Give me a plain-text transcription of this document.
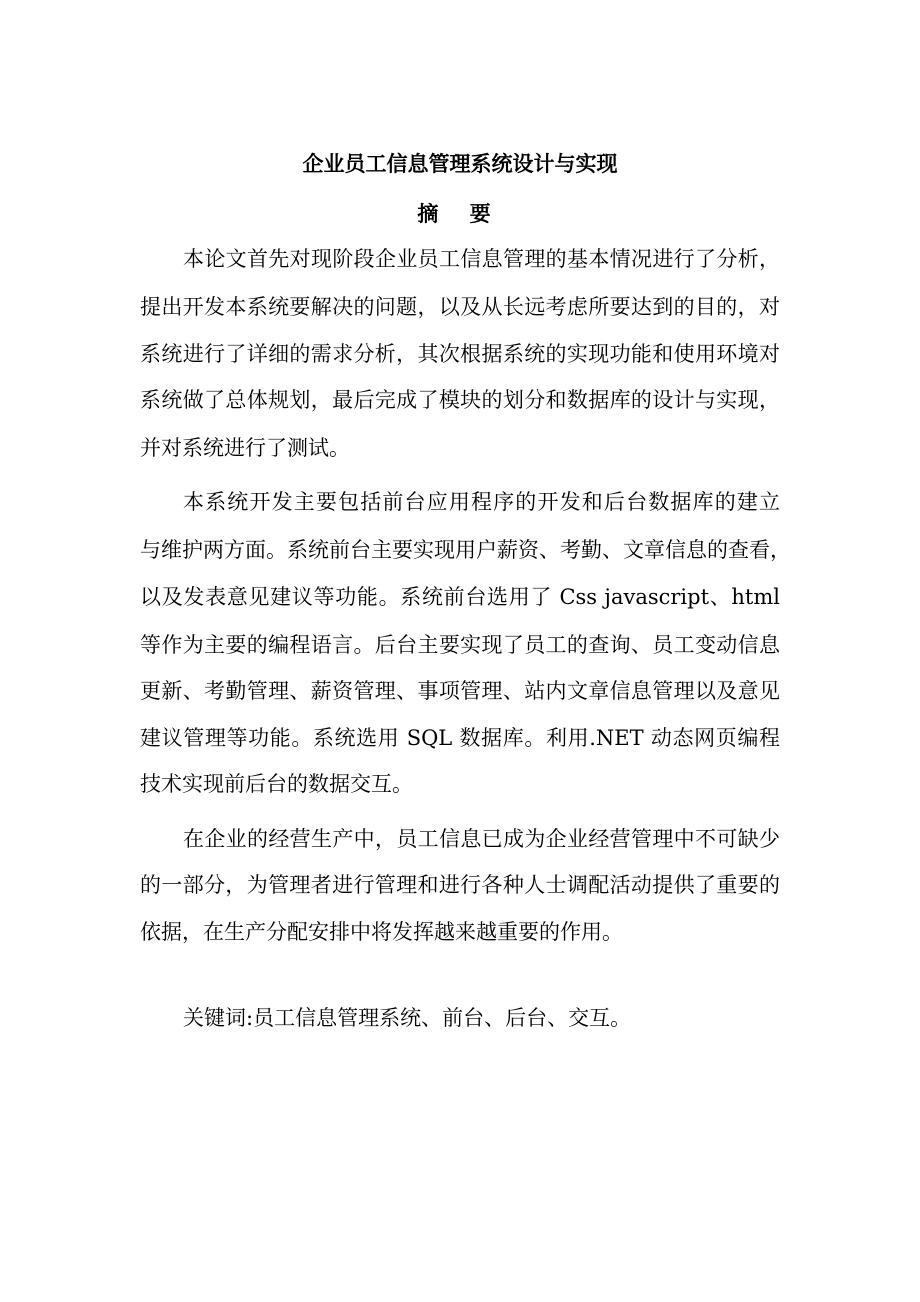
企业员工信息管理系统设计与实现
摘 要
本论文首先对现阶段企业员工信息管理的基本情况进行了分析，
提出开发本系统要解决的问题，以及从长远考虑所要达到的目的，对
系统进行了详细的需求分析，其次根据系统的实现功能和使用环境对
系统做了总体规划，最后完成了模块的划分和数据库的设计与实现，
并对系统进行了测试。
本系统开发主要包括前台应用程序的开发和后台数据库的建立
与维护两方面。系统前台主要实现用户薪资、考勤、文章信息的查看，
以及发表意见建议等功能。系统前台选用了 Css javascript、html
等作为主要的编程语言。后台主要实现了员工的查询、员工变动信息
更新、考勤管理、薪资管理、事项管理、站内文章信息管理以及意见
建议管理等功能。系统选用 SQL 数据库。利用.NET 动态网页编程
技术实现前后台的数据交互。
在企业的经营生产中，员工信息已成为企业经营管理中不可缺少
的一部分，为管理者进行管理和进行各种人士调配活动提供了重要的
依据，在生产分配安排中将发挥越来越重要的作用。
关键词:员工信息管理系统、前台、后台、交互。
